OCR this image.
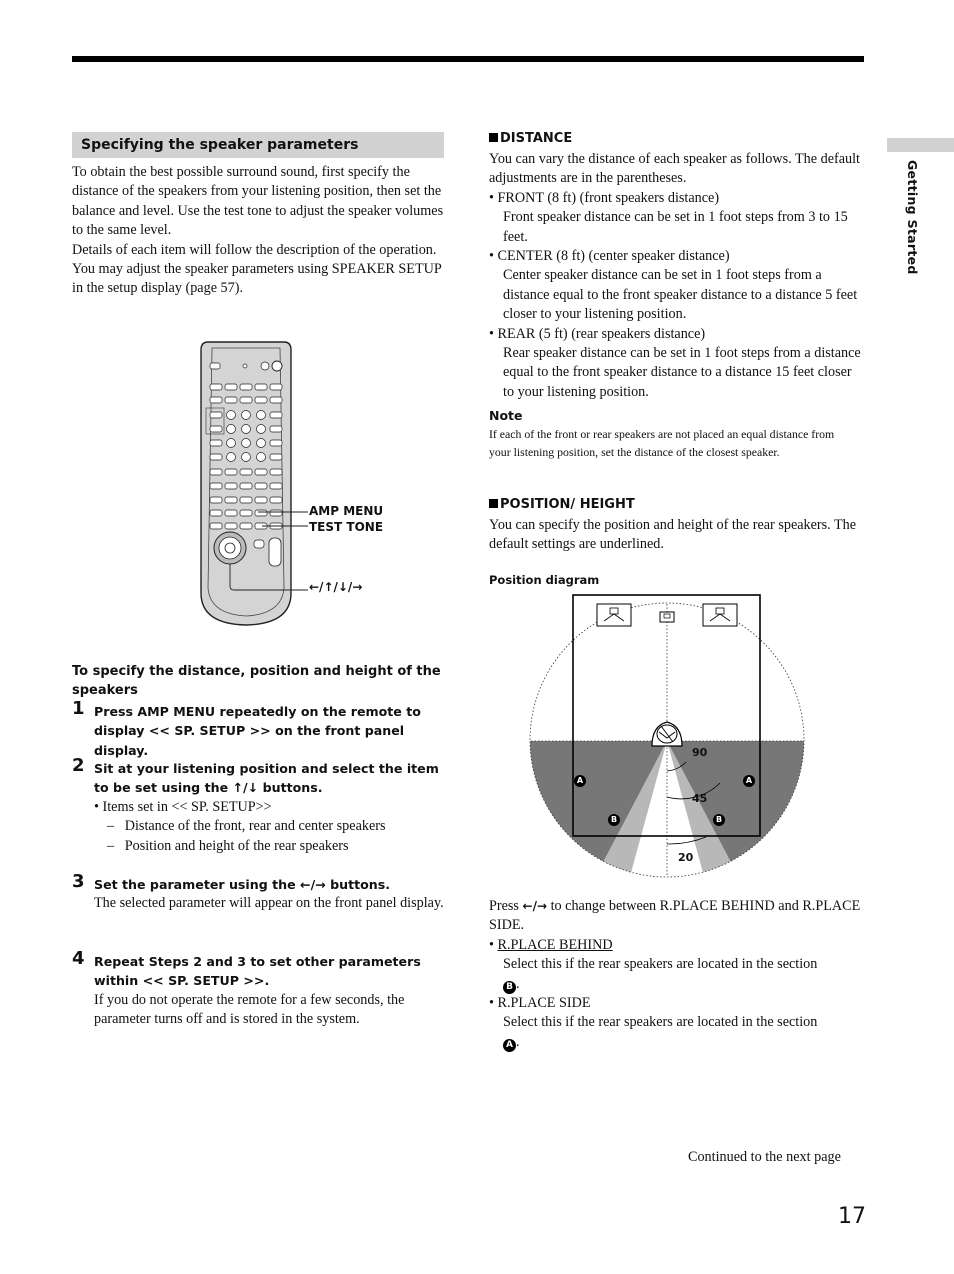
Getting Started
Specifying the speaker parameters

To obtain the best possible surround sound, first specify the distance of the speakers from your listening position, then set the balance and level. Use the test tone to adjust the speaker volumes to the same level.

Details of each item will follow the description of the operation.

You may adjust the speaker parameters using SPEAKER SETUP in the setup display (page 57).

AMP MENU
TEST TONE
←/↑/↓/→
To specify the distance, position and height of the speakers
1 Press AMP MENU repeatedly on the remote to display << SP. SETUP >> on the front panel display.

2 Sit at your listening position and select the item to be set using the ↑/↓ buttons.

• Items set in << SP. SETUP>>

–   Distance of the front, rear and center speakers

–   Position and height of the rear speakers

3 Set the parameter using the ←/→ buttons.

The selected parameter will appear on the front panel display.

4 Repeat Steps 2 and 3 to set other parameters within << SP. SETUP >>.

If you do not operate the remote for a few seconds, the parameter turns off and is stored in the system.

DISTANCE

You can vary the distance of each speaker as follows. The default adjustments are in the parentheses.

• FRONT (8 ft) (front speakers distance)

Front speaker distance can be set in 1 foot steps from 3 to 15 feet.

• CENTER (8 ft) (center speaker distance)

Center speaker distance can be set in 1 foot steps from a distance equal to the front speaker distance to a distance 5 feet closer to your listening position.

• REAR (5 ft) (rear speakers distance)

Rear speaker distance can be set in 1 foot steps from a distance equal to the front speaker distance to a distance 15 feet closer to your listening position.

Note
If each of the front or rear speakers are not placed an equal distance from your listening position, set the distance of the closest speaker.
POSITION/ HEIGHT
You can specify the position and height of the rear speakers. The default settings are underlined.
Position diagram
90
45
20
A	A
B	B

Press ←/→ to change between R.PLACE BEHIND and R.PLACE SIDE.

• R.PLACE BEHIND

Select this if the rear speakers are located in the section
B .

• R.PLACE SIDE

Select this if the rear speakers are located in the section
A .

Continued to the next page
17
